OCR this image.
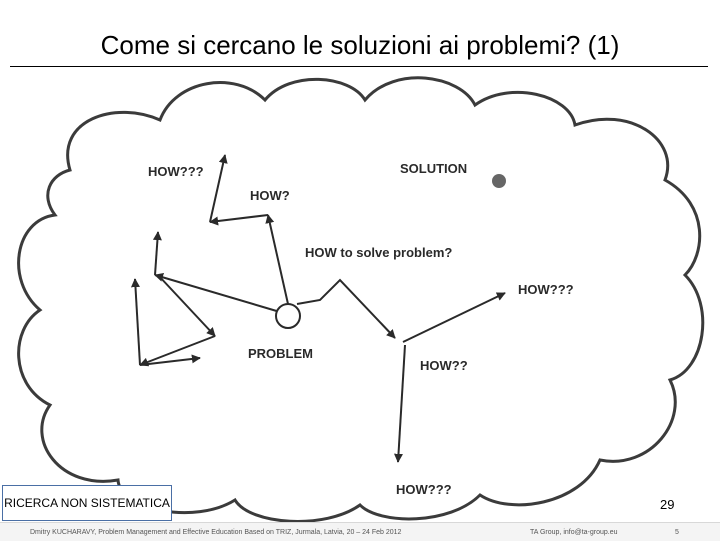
Come si cercano le soluzioni ai problemi? (1)
HOW???
HOW?
HOW to solve problem?
SOLUTION
HOW???
PROBLEM
HOW??
HOW???
RICERCA NON SISTEMATICA	29
Dmitry KUCHARAVY, Problem Management and Effective Education Based on TRIZ, Jurmala, Latvia, 20 – 24 Feb 2012	TA Group, info@ta-group.eu	5
